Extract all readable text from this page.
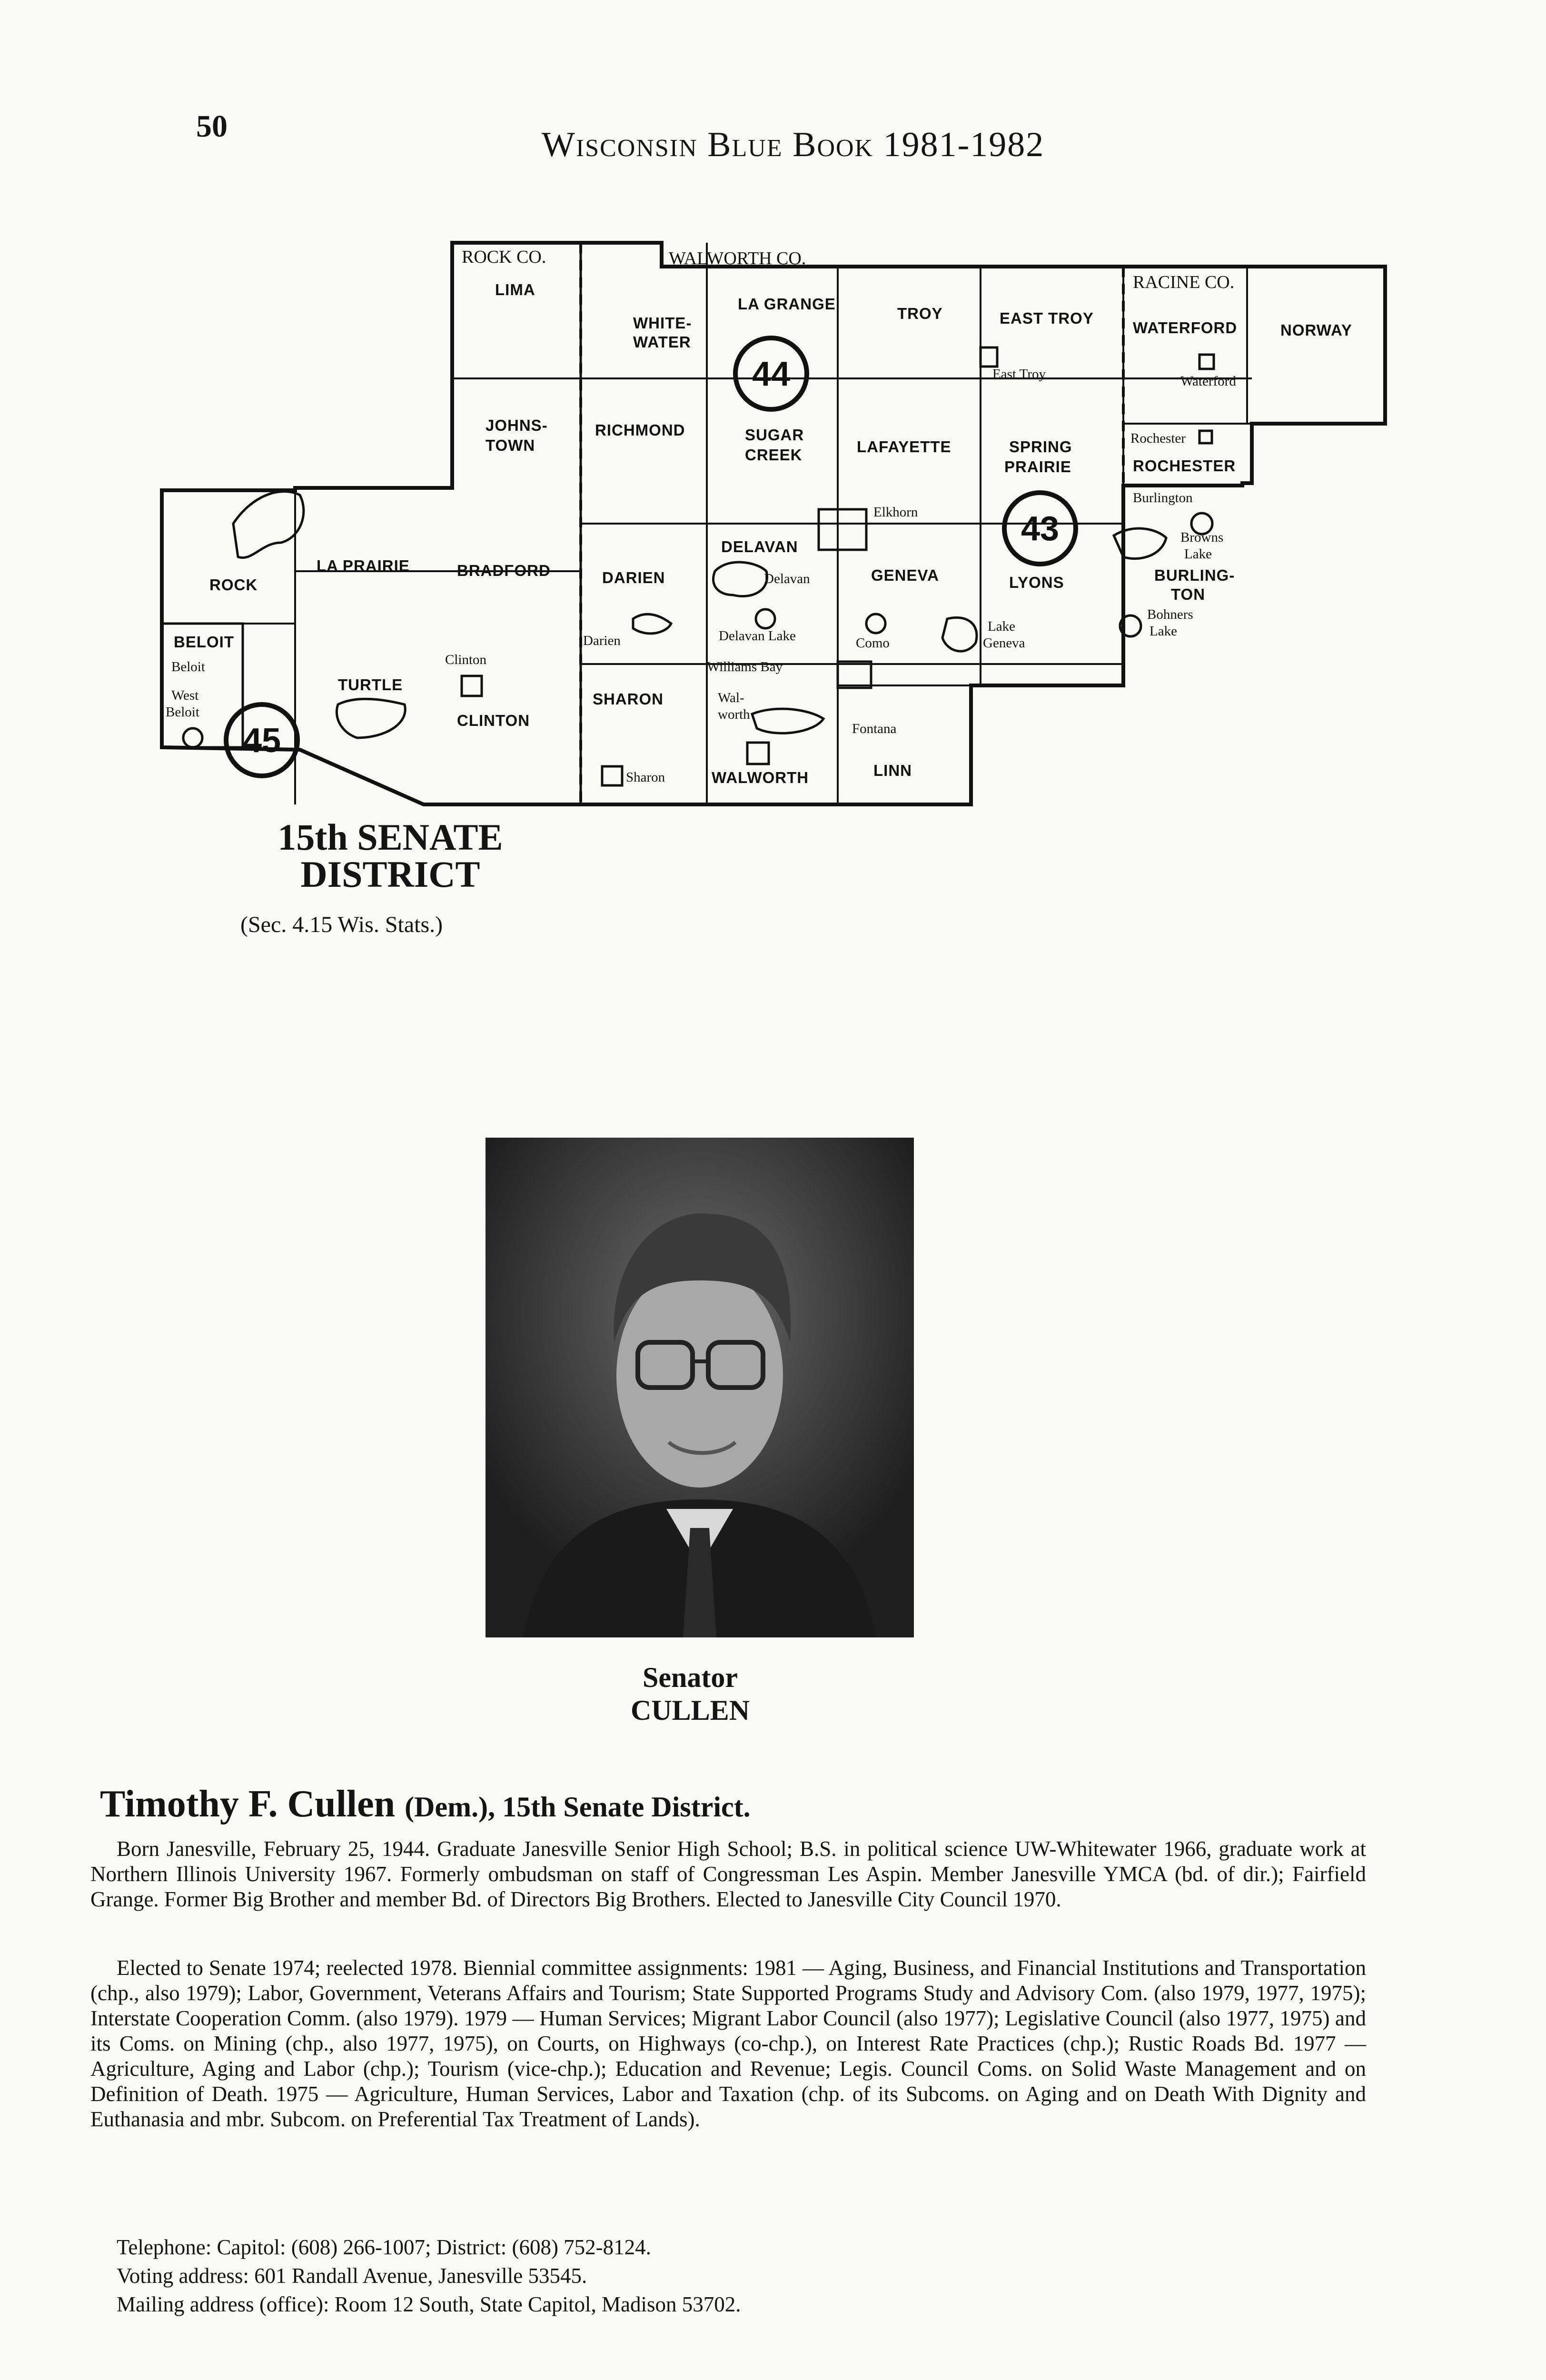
50	Wisconsin Blue Book 1981-1982
ROCK CO.	WALWORTH CO.
RACINE CO.
LIMA
WHITE-
WATER
LA GRANGE
TROY	EAST TROY
WATERFORD	NORWAY
JOHNS-
TOWN
RICHMOND	SUGAR
CREEK	LAFAYETTE	SPRING
PRAIRIE	ROCHESTER
ROCK
LA PRAIRIE	BRADFORD	DARIEN
DELAVAN
GENEVA	LYONS	BURLING-
TON
BELOIT
TURTLE
CLINTON
SHARON
WALWORTH	LINN
East Troy	Waterford
Rochester
Elkhorn
Burlington
Browns
Lake
Delavan
Delavan Lake
Darien	Como
Lake
Geneva
Bohners
Lake
Clinton	Williams Bay
Wal-
worth
Fontana
Sharon
Beloit
West
Beloit
44
43
45
15th SENATE
DISTRICT
(Sec. 4.15 Wis. Stats.)
Senator
CULLEN
Timothy F. Cullen (Dem.), 15th Senate District.

Born Janesville, February 25, 1944. Graduate Janesville Senior High School; B.S. in political science UW-Whitewater 1966, graduate work at Northern Illinois University 1967. Formerly ombudsman on staff of Congressman Les Aspin. Member Janesville YMCA (bd. of dir.); Fairfield Grange. Former Big Brother and member Bd. of Directors Big Brothers. Elected to Janesville City Council 1970.

Elected to Senate 1974; reelected 1978. Biennial committee assignments: 1981 — Aging, Business, and Financial Institutions and Transportation (chp., also 1979); Labor, Government, Veterans Affairs and Tourism; State Supported Programs Study and Advisory Com. (also 1979, 1977, 1975); Interstate Cooperation Comm. (also 1979). 1979 — Human Services; Migrant Labor Council (also 1977); Legislative Council (also 1977, 1975) and its Coms. on Mining (chp., also 1977, 1975), on Courts, on Highways (co-chp.), on Interest Rate Practices (chp.); Rustic Roads Bd. 1977 — Agriculture, Aging and Labor (chp.); Tourism (vice-chp.); Education and Revenue; Legis. Council Coms. on Solid Waste Management and on Definition of Death. 1975 — Agriculture, Human Services, Labor and Taxation (chp. of its Subcoms. on Aging and on Death With Dignity and Euthanasia and mbr. Subcom. on Preferential Tax Treatment of Lands).

Telephone: Capitol: (608) 266-1007; District: (608) 752-8124.
Voting address: 601 Randall Avenue, Janesville 53545.
Mailing address (office): Room 12 South, State Capitol, Madison 53702.
